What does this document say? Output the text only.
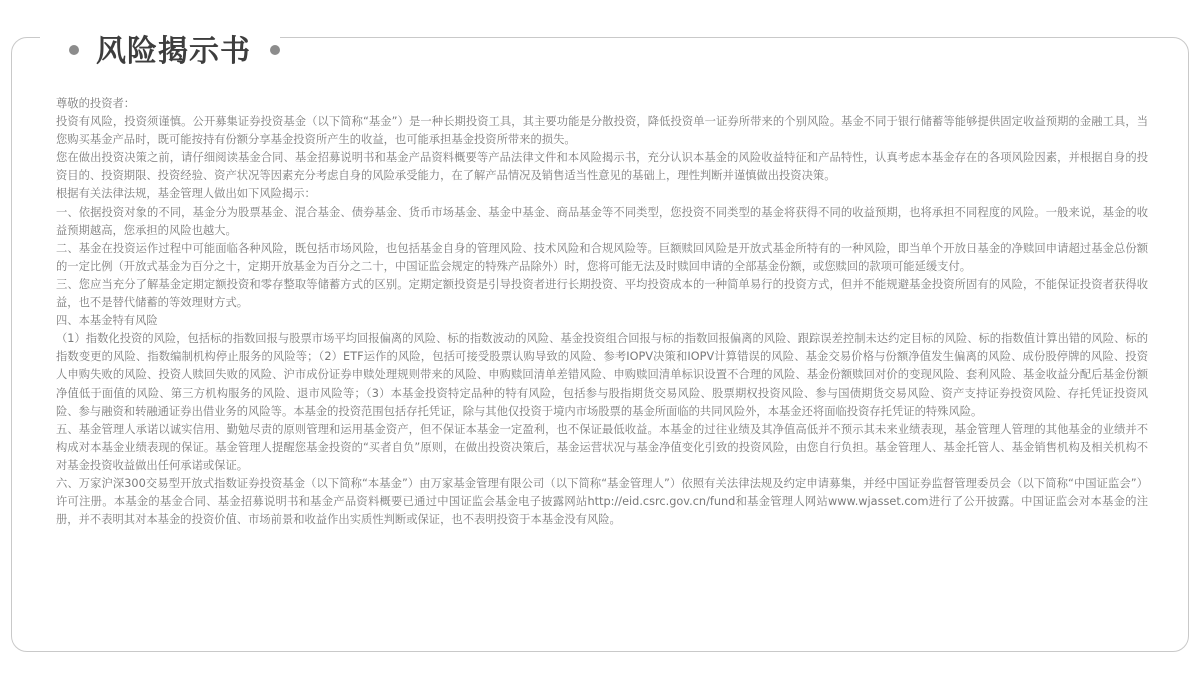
风险揭示书

尊敬的投资者：

投资有风险，投资须谨慎。公开募集证券投资基金（以下简称“基金”）是一种长期投资工具，其主要功能是分散投资，降低投资单一证券所带来的个别风险。基金不同于银行储蓄等能够提供固定收益预期的金融工具，当您购买基金产品时，既可能按持有份额分享基金投资所产生的收益，也可能承担基金投资所带来的损失。

您在做出投资决策之前，请仔细阅读基金合同、基金招募说明书和基金产品资料概要等产品法律文件和本风险揭示书，充分认识本基金的风险收益特征和产品特性，认真考虑本基金存在的各项风险因素，并根据自身的投资目的、投资期限、投资经验、资产状况等因素充分考虑自身的风险承受能力，在了解产品情况及销售适当性意见的基础上，理性判断并谨慎做出投资决策。

根据有关法律法规，基金管理人做出如下风险揭示：

一、依据投资对象的不同，基金分为股票基金、混合基金、债券基金、货币市场基金、基金中基金、商品基金等不同类型，您投资不同类型的基金将获得不同的收益预期，也将承担不同程度的风险。一般来说，基金的收益预期越高，您承担的风险也越大。

二、基金在投资运作过程中可能面临各种风险，既包括市场风险，也包括基金自身的管理风险、技术风险和合规风险等。巨额赎回风险是开放式基金所特有的一种风险，即当单个开放日基金的净赎回申请超过基金总份额的一定比例（开放式基金为百分之十，定期开放基金为百分之二十，中国证监会规定的特殊产品除外）时，您将可能无法及时赎回申请的全部基金份额，或您赎回的款项可能延缓支付。

三、您应当充分了解基金定期定额投资和零存整取等储蓄方式的区别。定期定额投资是引导投资者进行长期投资、平均投资成本的一种简单易行的投资方式，但并不能规避基金投资所固有的风险，不能保证投资者获得收益，也不是替代储蓄的等效理财方式。

四、本基金特有风险

（1）指数化投资的风险，包括标的指数回报与股票市场平均回报偏离的风险、标的指数波动的风险、基金投资组合回报与标的指数回报偏离的风险、跟踪误差控制未达约定目标的风险、标的指数值计算出错的风险、标的指数变更的风险、指数编制机构停止服务的风险等；（2）ETF运作的风险，包括可接受股票认购导致的风险、参考IOPV决策和IOPV计算错误的风险、基金交易价格与份额净值发生偏离的风险、成份股停牌的风险、投资人申购失败的风险、投资人赎回失败的风险、沪市成份证券申赎处理规则带来的风险、申购赎回清单差错风险、申购赎回清单标识设置不合理的风险、基金份额赎回对价的变现风险、套利风险、基金收益分配后基金份额净值低于面值的风险、第三方机构服务的风险、退市风险等；（3）本基金投资特定品种的特有风险，包括参与股指期货交易风险、股票期权投资风险、参与国债期货交易风险、资产支持证券投资风险、存托凭证投资风险、参与融资和转融通证券出借业务的风险等。本基金的投资范围包括存托凭证，除与其他仅投资于境内市场股票的基金所面临的共同风险外，本基金还将面临投资存托凭证的特殊风险。

五、基金管理人承诺以诚实信用、勤勉尽责的原则管理和运用基金资产，但不保证本基金一定盈利，也不保证最低收益。本基金的过往业绩及其净值高低并不预示其未来业绩表现，基金管理人管理的其他基金的业绩并不构成对本基金业绩表现的保证。基金管理人提醒您基金投资的“买者自负”原则，在做出投资决策后，基金运营状况与基金净值变化引致的投资风险，由您自行负担。基金管理人、基金托管人、基金销售机构及相关机构不对基金投资收益做出任何承诺或保证。

六、万家沪深300交易型开放式指数证券投资基金（以下简称“本基金”）由万家基金管理有限公司（以下简称“基金管理人”）依照有关法律法规及约定申请募集，并经中国证券监督管理委员会（以下简称“中国证监会”）许可注册。本基金的基金合同、基金招募说明书和基金产品资料概要已通过中国证监会基金电子披露网站http://eid.csrc.gov.cn/fund和基金管理人网站www.wjasset.com进行了公开披露。中国证监会对本基金的注册，并不表明其对本基金的投资价值、市场前景和收益作出实质性判断或保证，也不表明投资于本基金没有风险。
